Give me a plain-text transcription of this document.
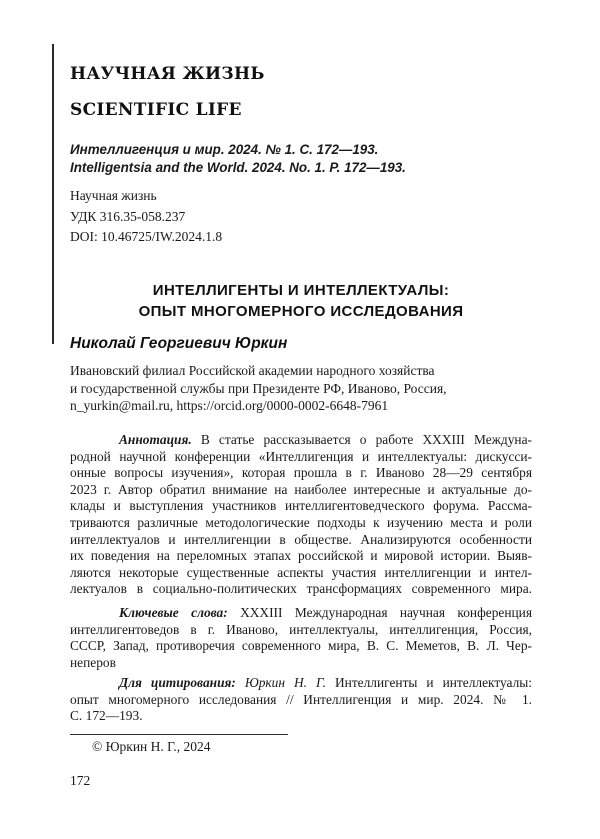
НАУЧНАЯ ЖИЗНЬ
SCIENTIFIC LIFE
Интеллигенция и мир. 2024. № 1. С. 172—193.
Intelligentsia and the World. 2024. No. 1. P. 172—193.
Научная жизнь
УДК 316.35-058.237
DOI: 10.46725/IW.2024.1.8
ИНТЕЛЛИГЕНТЫ И ИНТЕЛЛЕКТУАЛЫ:
ОПЫТ МНОГОМЕРНОГО ИССЛЕДОВАНИЯ
Николай Георгиевич Юркин
Ивановский филиал Российской академии народного хозяйства
и государственной службы при Президенте РФ, Иваново, Россия,
n_yurkin@mail.ru, https://orcid.org/0000-0002-6648-7961
Аннотация. В статье рассказывается о работе XXXIII Междуна-
родной научной конференции «Интеллигенция и интеллектуалы: дискусси-
онные вопросы изучения», которая прошла в г. Иваново 28—29 сентября
2023 г. Автор обратил внимание на наиболее интересные и актуальные до-
клады и выступления участников интеллигентоведческого форума. Рассма-
триваются различные методологические подходы к изучению места и роли
интеллектуалов и интеллигенции в обществе. Анализируются особенности
их поведения на переломных этапах российской и мировой истории. Выяв-
ляются некоторые существенные аспекты участия интеллигенции и интел-
лектуалов в социально-политических трансформациях современного мира.
Ключевые слова: XXXIII Международная научная конференция
интеллигентоведов в г. Иваново, интеллектуалы, интеллигенция, Россия,
СССР, Запад, противоречия современного мира, В. С. Меметов, В. Л. Чер-
неперов
Для цитирования: Юркин Н. Г. Интеллигенты и интеллектуалы:
опыт многомерного исследования // Интеллигенция и мир. 2024. № 1.
С. 172—193.
© Юркин Н. Г., 2024
172
